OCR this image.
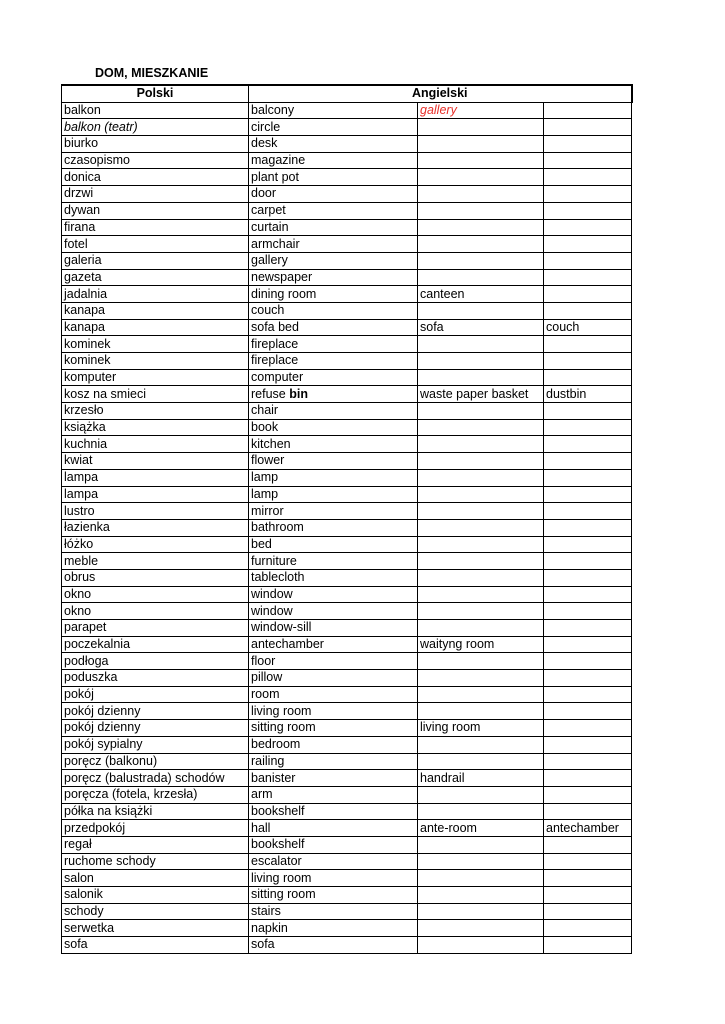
DOM, MIESZKANIE
Polski	Angielski		
balkon	balcony	gallery	
balkon (teatr)	circle		
biurko	desk		
czasopismo	magazine		
donica	plant pot		
drzwi	door		
dywan	carpet		
firana	curtain		
fotel	armchair		
galeria	gallery		
gazeta	newspaper		
jadalnia	dining room	canteen	
kanapa	couch		
kanapa	sofa bed	sofa	couch
kominek	fireplace		
kominek	fireplace		
komputer	computer		
kosz na smieci	refuse bin	waste paper basket	dustbin
krzesło	chair		
książka	book		
kuchnia	kitchen		
kwiat	flower		
lampa	lamp		
lampa	lamp		
lustro	mirror		
łazienka	bathroom		
łóżko	bed		
meble	furniture		
obrus	tablecloth		
okno	window		
okno	window		
parapet	window-sill		
poczekalnia	antechamber	waityng room	
podłoga	floor		
poduszka	pillow		
pokój	room		
pokój dzienny	living room		
pokój dzienny	sitting room	living room	
pokój sypialny	bedroom		
poręcz (balkonu)	railing		
poręcz (balustrada) schodów	banister	handrail	
poręcza (fotela, krzesła)	arm		
półka na książki	bookshelf		
przedpokój	hall	ante-room	antechamber
regał	bookshelf		
ruchome schody	escalator		
salon	living room		
salonik	sitting room		
schody	stairs		
serwetka	napkin		
sofa	sofa		
